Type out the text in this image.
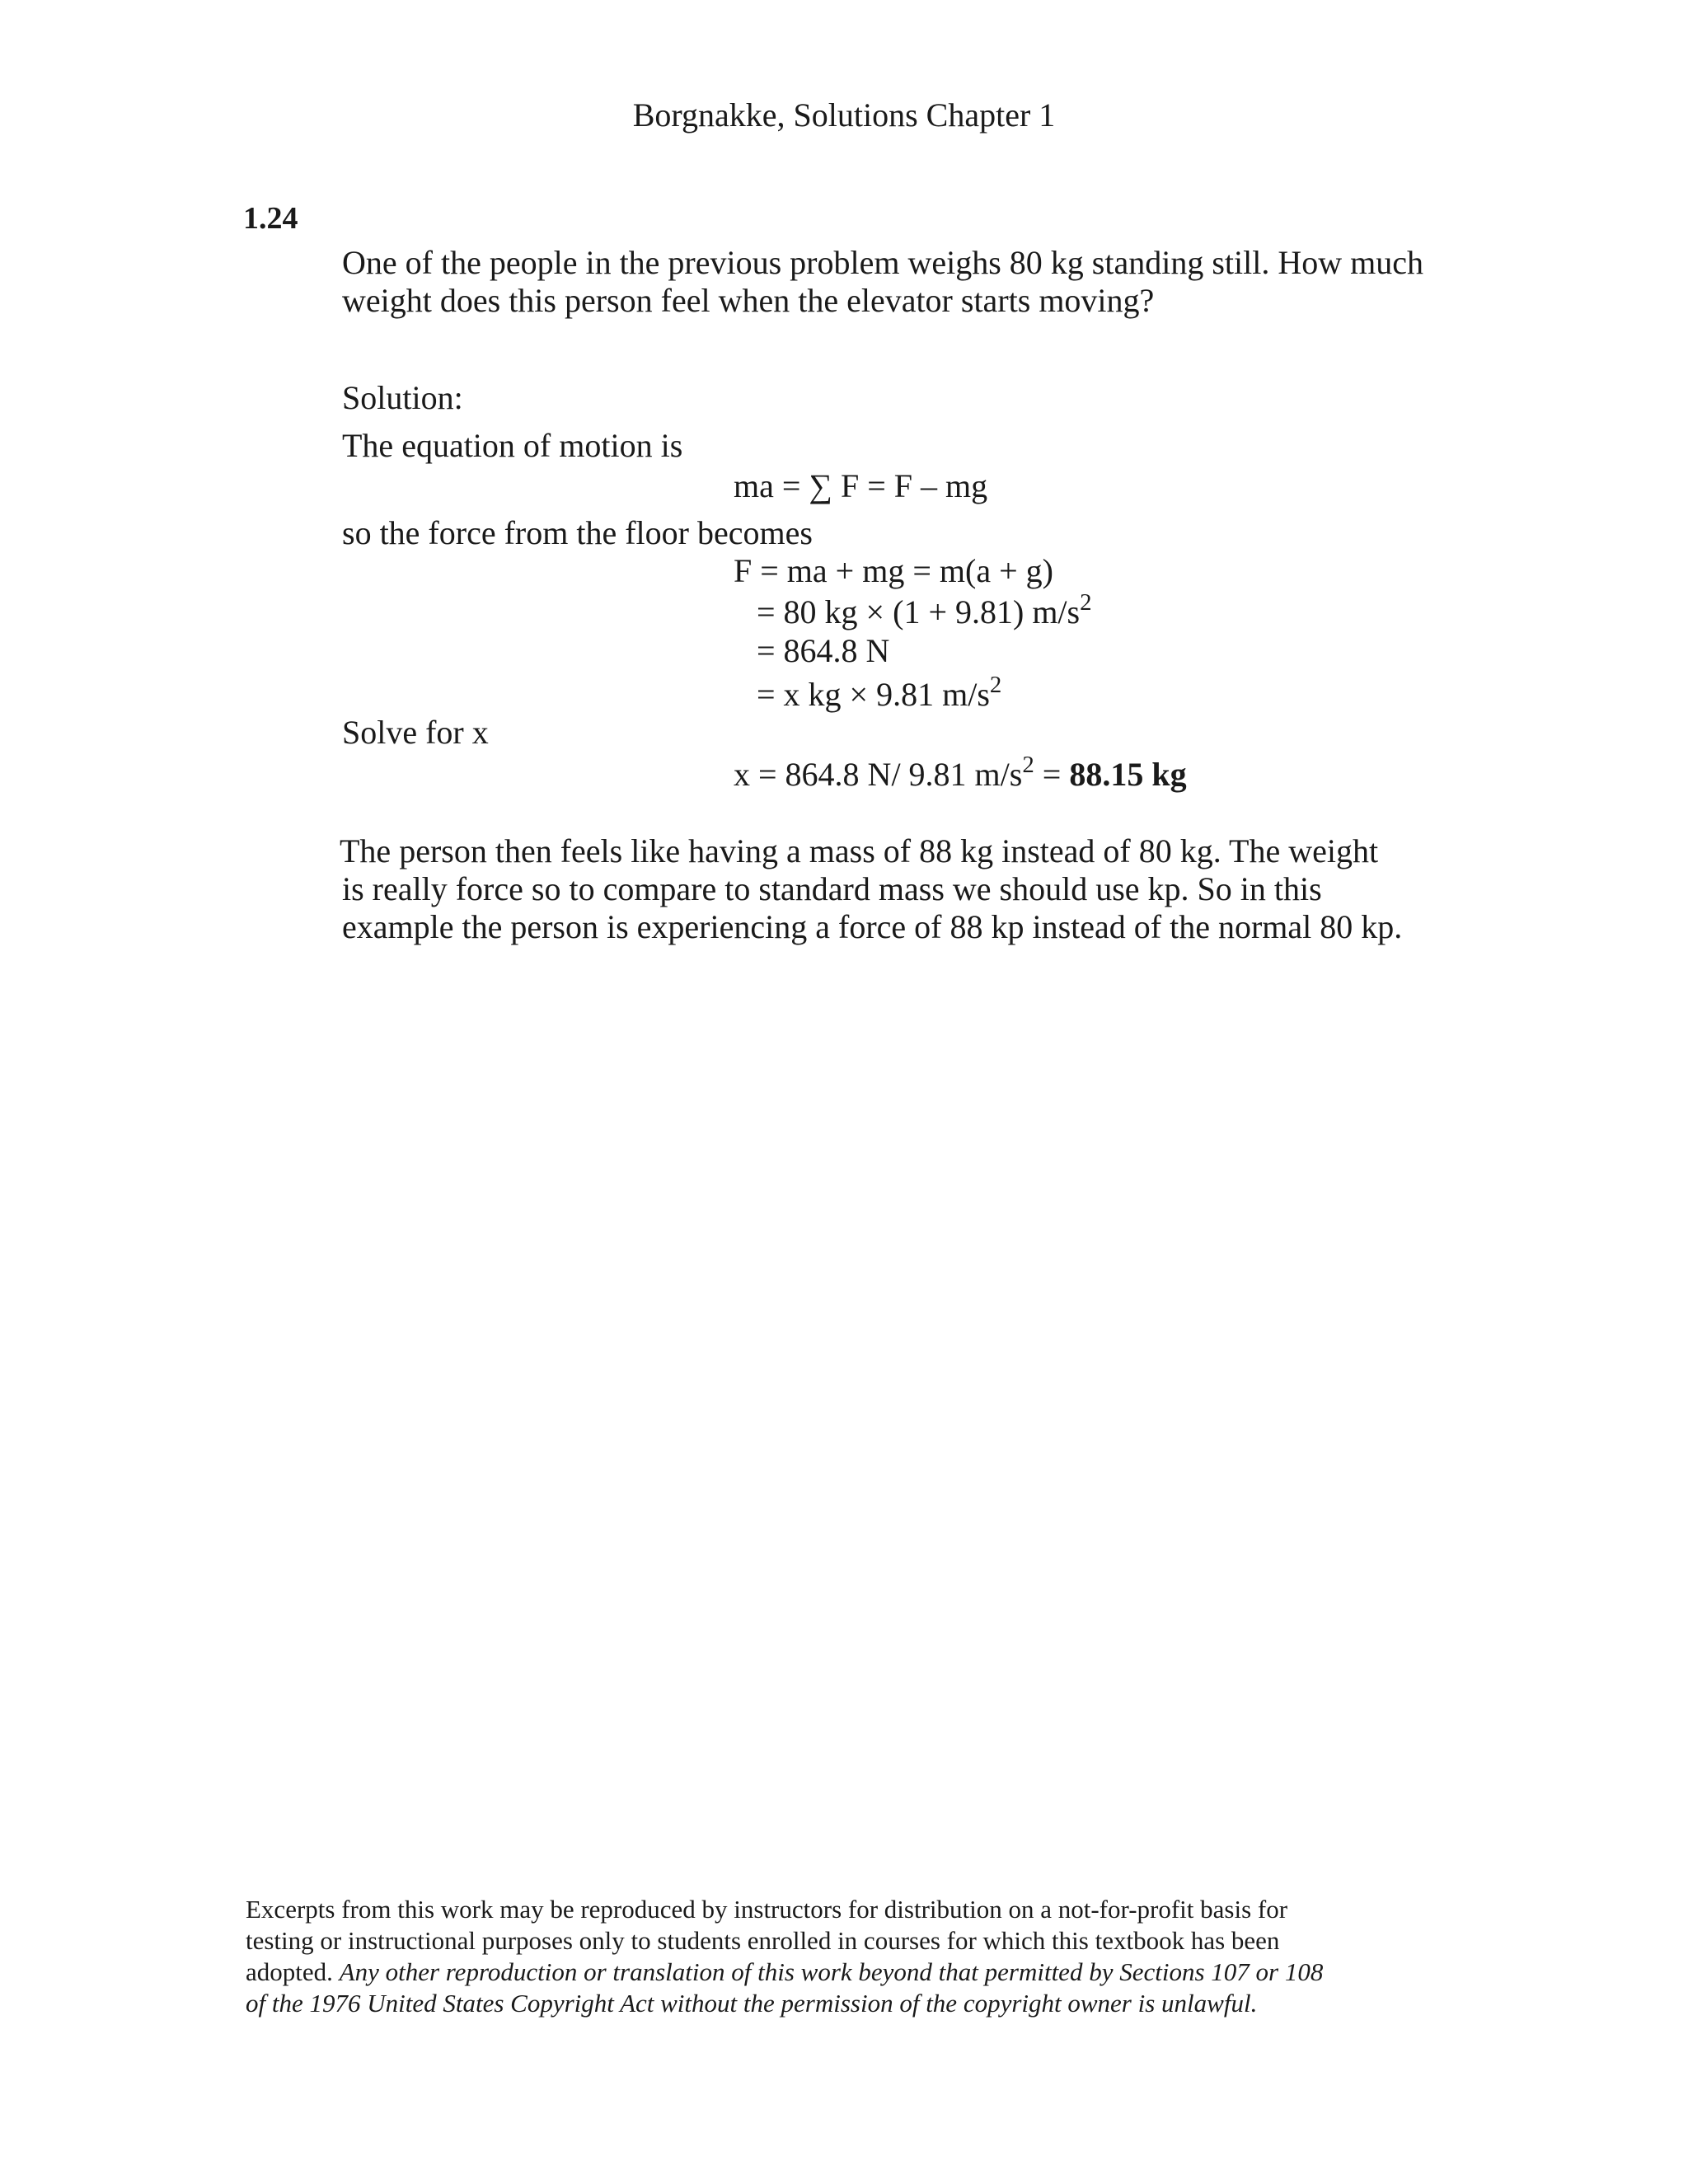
Borgnakke, Solutions Chapter 1
1.24
One of the people in the previous problem weighs 80 kg standing still. How much
weight does this person feel when the elevator starts moving?
Solution:
The equation of motion is
ma = ∑ F = F – mg
so the force from the floor becomes
F = ma + mg = m(a + g)
= 80 kg × (1 + 9.81) $m/s^2$
= 864.8 N
= x kg × 9.81 $m/s^2$
Solve for x
x = 864.8 N/ 9.81 $m/s^2 = 88.15$ kg
The person then feels like having a mass of 88 kg instead of 80 kg. The weight
is really force so to compare to standard mass we should use kp. So in this
example the person is experiencing a force of 88 kp instead of the normal 80 kp.
Excerpts from this work may be reproduced by instructors for distribution on a not-for-profit basis for
testing or instructional purposes only to students enrolled in courses for which this textbook has been
adopted. Any other reproduction or translation of this work beyond that permitted by Sections 107 or 108
of the 1976 United States Copyright Act without the permission of the copyright owner is unlawful.
